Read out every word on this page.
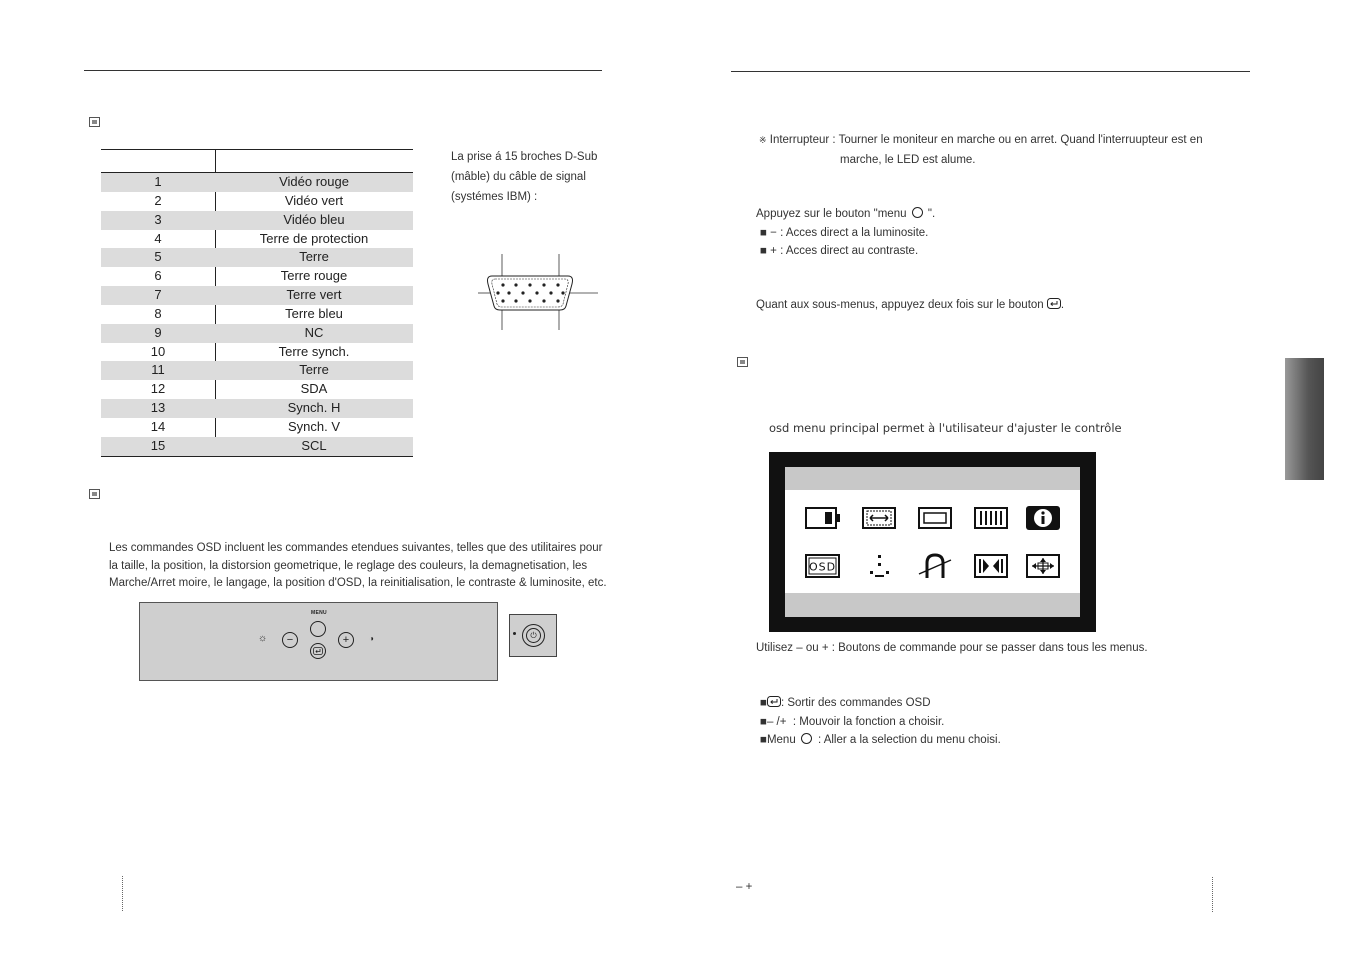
1	Vidéo rouge
2	Vidéo vert
3	Vidéo bleu
4	Terre de protection
5	Terre
6	Terre rouge
7	Terre vert
8	Terre bleu
9	NC
10	Terre synch.
11	Terre
12	SDA
13	Synch. H
14	Synch. V
15	SCL
La prise á 15 broches D-Sub
(mâble) du câble de signal
(systémes IBM) :
Les commandes OSD incluent les commandes etendues suivantes, telles que des utilitaires pour
la taille, la position, la distorsion geometrique, le reglage des couleurs, la demagnetisation, les
Marche/Arret moire, le langage, la position d'OSD, la reinitialisation, le contraste & luminosite, etc.
MENU
☼	−	+	◑	⏻
※ Interrupteur : Tourner le moniteur en marche ou en arret. Quand l'interruupteur est en
marche, le LED est alume.
Appuyez sur le bouton "menu ".
■ − : Acces direct a la luminosite.
■ + : Acces direct au contraste.
Quant aux sous-menus, appuyez deux fois sur le bouton .
osd menu principal permet à l'utilisateur d'ajuster le contrôle
OSD
Utilisez – ou + : Boutons de commande pour se passer dans tous les menus.
■ : Sortir des commandes OSD
■– /+ : Mouvoir la fonction a choisir.
■Menu : Aller a la selection du menu choisi.
– +
